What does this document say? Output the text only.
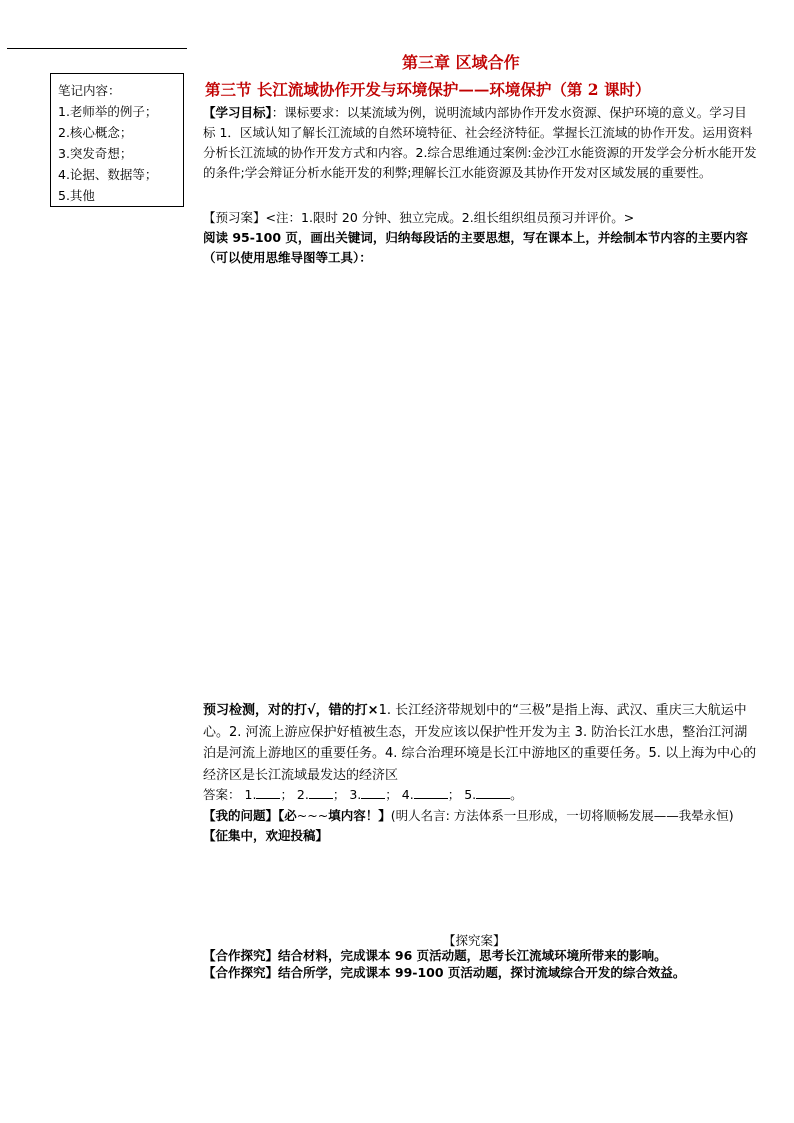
笔记内容：
1.老师举的例子；
2.核心概念；
3.突发奇想；
4.论据、数据等；
5.其他
第三章 区域合作
第三节 长江流域协作开发与环境保护——环境保护（第 2 课时）
【学习目标】：课标要求：以某流域为例，说明流域内部协作开发水资源、保护环境的意义。学习目标 1．区域认知了解长江流域的自然环境特征、社会经济特征。掌握长江流域的协作开发。运用资料分析长江流域的协作开发方式和内容。2.综合思维通过案例:金沙江水能资源的开发学会分析水能开发的条件;学会辩证分析水能开发的利弊;理解长江水能资源及其协作开发对区域发展的重要性。
【预习案】<注：1.限时 20 分钟、独立完成。2.组长组织组员预习并评价。>
阅读 95-100 页，画出关键词，归纳每段话的主要思想，写在课本上，并绘制本节内容的主要内容（可以使用思维导图等工具）：
预习检测，对的打√，错的打×1. 长江经济带规划中的“三极”是指上海、武汉、重庆三大航运中心。2. 河流上游应保护好植被生态，开发应该以保护性开发为主 3. 防治长江水患，整治江河湖泊是河流上游地区的重要任务。4. 综合治理环境是长江中游地区的重要任务。5. 以上海为中心的经济区是长江流域最发达的经济区
答案： 1. ； 2. ； 3. ； 4.	； 5.	。
【我的问题】【必~~~填内容！】(明人名言: 方法体系一旦形成，一切将顺畅发展——我晕永恒)【征集中，欢迎投稿】
【探究案】
【合作探究】结合材料，完成课本 96 页活动题，思考长江流域环境所带来的影响。
【合作探究】结合所学，完成课本 99-100 页活动题，探讨流域综合开发的综合效益。
